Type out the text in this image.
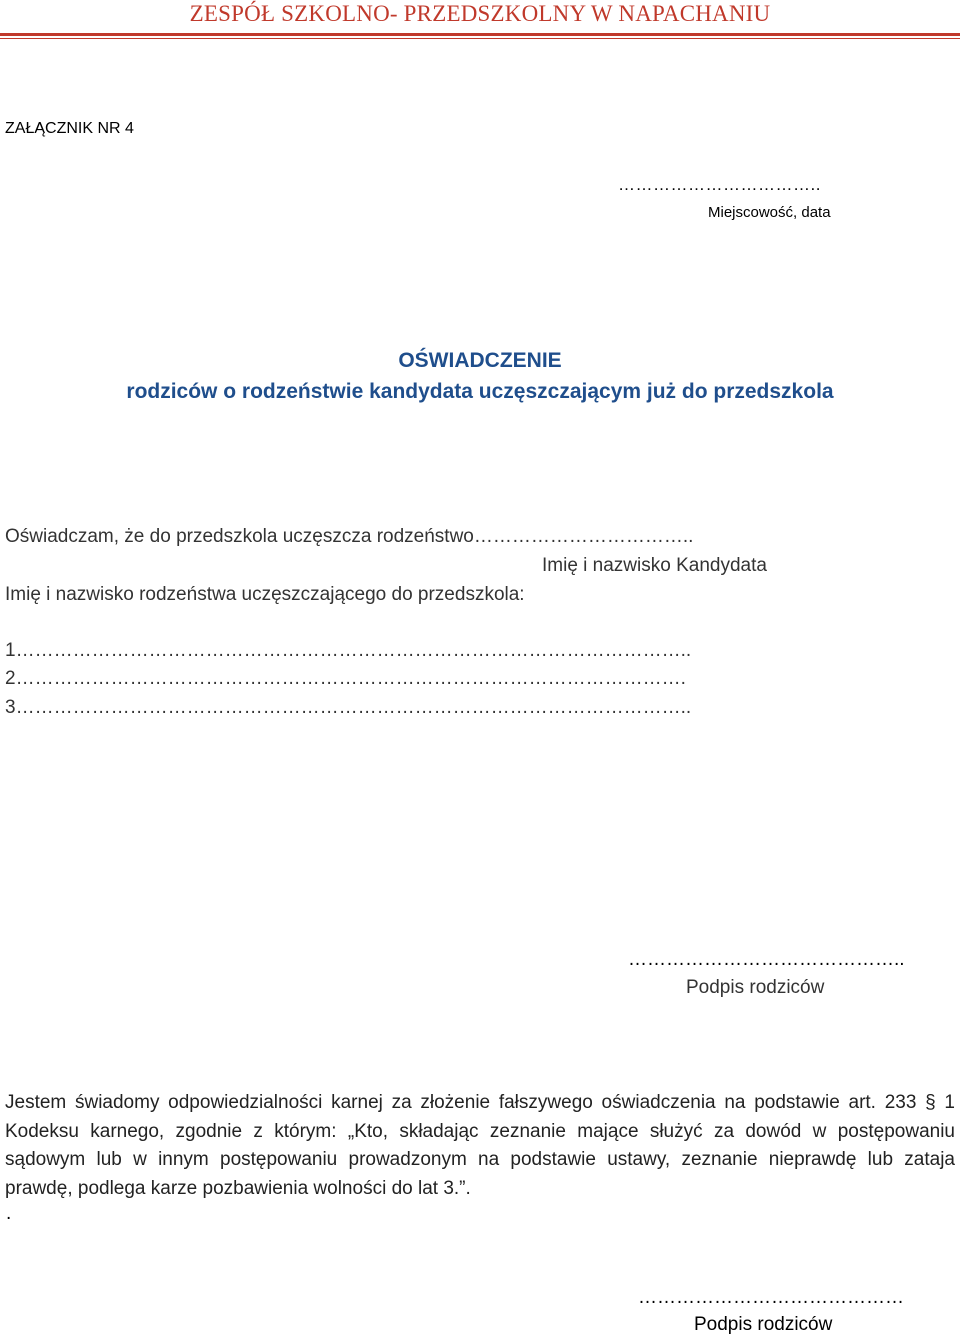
ZESPÓŁ SZKOLNO- PRZEDSZKOLNY W NAPACHANIU
ZAŁĄCZNIK NR 4
……………………………..
Miejscowość, data
OŚWIADCZENIE
rodziców o rodzeństwie kandydata uczęszczającym już do przedszkola
Oświadczam, że do przedszkola uczęszcza rodzeństwo……………………………..
Imię i nazwisko Kandydata
Imię i nazwisko rodzeństwa uczęszczającego do przedszkola:
1……………………………………………………………………………………………..
2…………………………………………………………………………………………….
3……………………………………………………………………………………………..
……………………………………..
Podpis rodziców
Jestem świadomy odpowiedzialności karnej za złożenie fałszywego oświadczenia na podstawie art. 233 § 1 Kodeksu karnego, zgodnie z którym: „Kto, składając zeznanie mające służyć za dowód w postępowaniu sądowym lub w innym postępowaniu prowadzonym na podstawie ustawy, zeznanie nieprawdę lub zataja prawdę, podlega karze pozbawienia wolności do lat 3.”.
.
……………………………………
Podpis rodziców
